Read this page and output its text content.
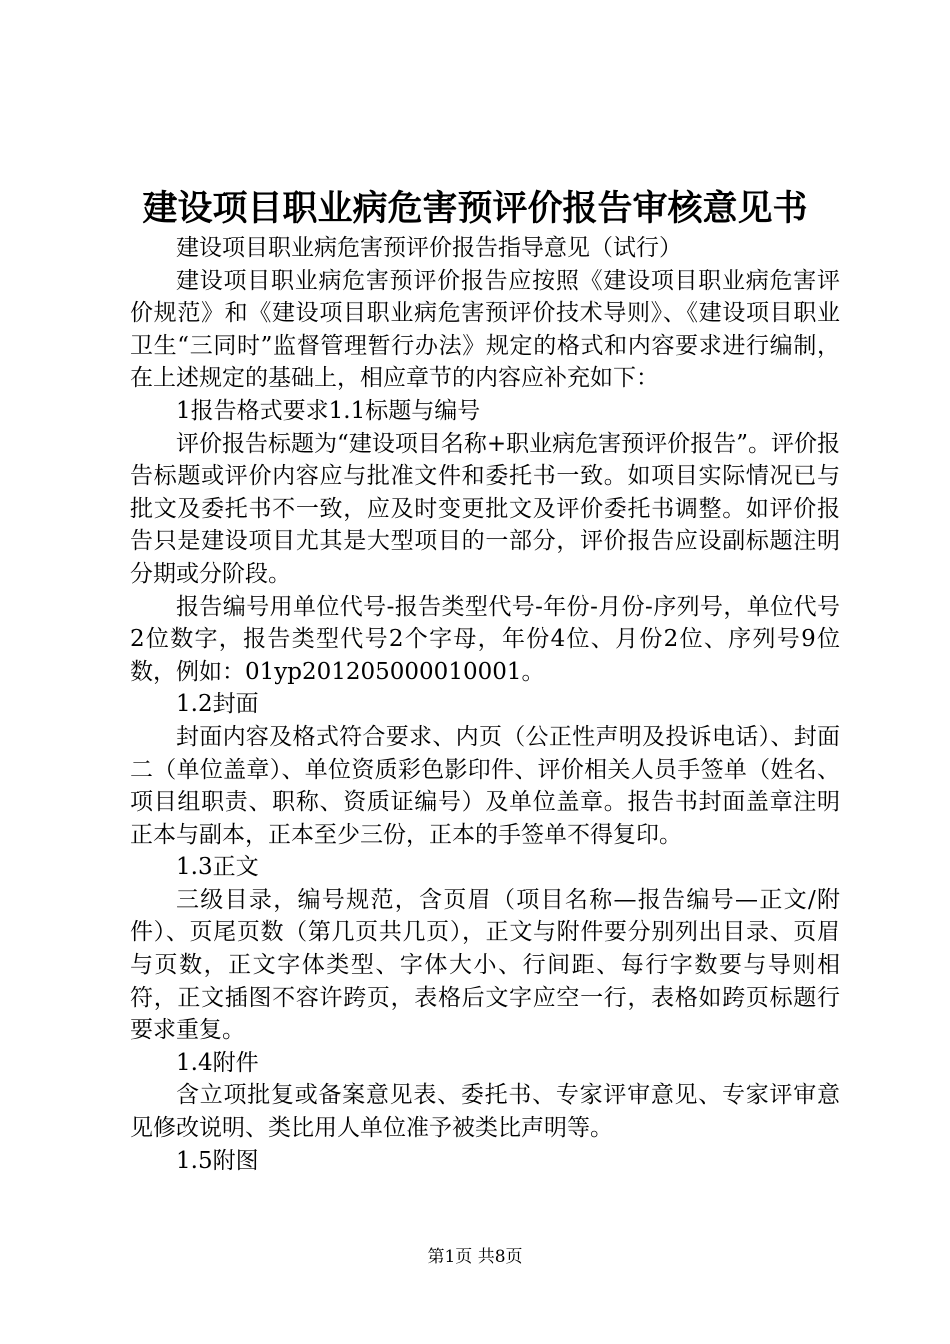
建设项目职业病危害预评价报告审核意见书

建设项目职业病危害预评价报告指导意见（试行）

建设项目职业病危害预评价报告应按照《建设项目职业病危害评价规范》和《建设项目职业病危害预评价技术导则》、《建设项目职业卫生“三同时”监督管理暂行办法》规定的格式和内容要求进行编制，在上述规定的基础上，相应章节的内容应补充如下：

1报告格式要求1.1标题与编号

评价报告标题为“建设项目名称+职业病危害预评价报告”。评价报告标题或评价内容应与批准文件和委托书一致。如项目实际情况已与批文及委托书不一致，应及时变更批文及评价委托书调整。如评价报告只是建设项目尤其是大型项目的一部分，评价报告应设副标题注明分期或分阶段。

报告编号用单位代号-报告类型代号-年份-月份-序列号，单位代号2位数字，报告类型代号2个字母，年份4位、月份2位、序列号9位数，例如：01yp201205000010001。

1.2封面

封面内容及格式符合要求、内页（公正性声明及投诉电话）、封面二（单位盖章）、单位资质彩色影印件、评价相关人员手签单（姓名、项目组职责、职称、资质证编号）及单位盖章。报告书封面盖章注明正本与副本，正本至少三份，正本的手签单不得复印。

1.3正文

三级目录，编号规范，含页眉（项目名称—报告编号—正文/附件）、页尾页数（第几页共几页），正文与附件要分别列出目录、页眉与页数，正文字体类型、字体大小、行间距、每行字数要与导则相符，正文插图不容许跨页，表格后文字应空一行，表格如跨页标题行要求重复。

1.4附件

含立项批复或备案意见表、委托书、专家评审意见、专家评审意见修改说明、类比用人单位准予被类比声明等。

1.5附图

第1页 共8页
